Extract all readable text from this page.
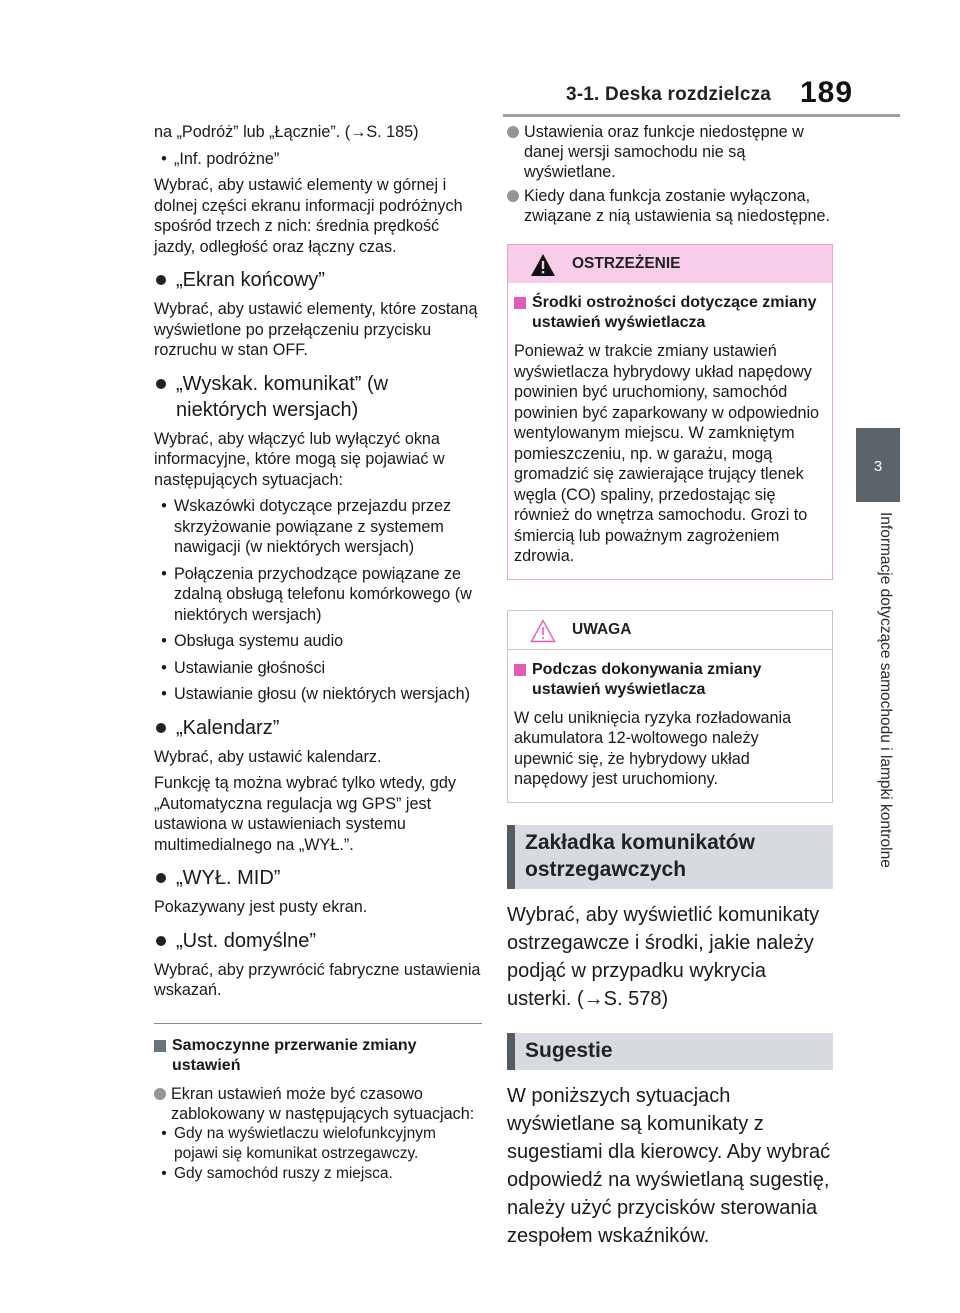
3-1. Deska rozdzielcza 189
3
Informacje dotyczące samochodu i lampki kontrolne

na „Podróż” lub „Łącznie”. (→S. 185)

• „Inf. podróżne”

Wybrać, aby ustawić elementy w górnej i dolnej części ekranu informacji podróżnych spośród trzech z nich: średnia prędkość jazdy, odległość oraz łączny czas.

„Ekran końcowy”

Wybrać, aby ustawić elementy, które zostaną wyświetlone po przełączeniu przycisku rozruchu w stan OFF.

„Wyskak. komunikat” (w niektórych wersjach)

Wybrać, aby włączyć lub wyłączyć okna informacyjne, które mogą się pojawiać w następujących sytuacjach:

• Wskazówki dotyczące przejazdu przez skrzyżowanie powiązane z systemem nawigacji (w niektórych wersjach)

• Połączenia przychodzące powiązane ze zdalną obsługą telefonu komórkowego (w niektórych wersjach)

• Obsługa systemu audio

• Ustawianie głośności

• Ustawianie głosu (w niektórych wersjach)

„Kalendarz”

Wybrać, aby ustawić kalendarz.

Funkcję tą można wybrać tylko wtedy, gdy „Automatyczna regulacja wg GPS” jest ustawiona w ustawieniach systemu multimedialnego na „WYŁ.”.

„WYŁ. MID”

Pokazywany jest pusty ekran.

„Ust. domyślne”

Wybrać, aby przywrócić fabryczne ustawienia wskazań.

Samoczynne przerwanie zmiany ustawień
Ekran ustawień może być czasowo zablokowany w następujących sytuacjach:

• Gdy na wyświetlaczu wielofunkcyjnym pojawi się komunikat ostrzegawczy.

• Gdy samochód ruszy z miejsca.

Ustawienia oraz funkcje niedostępne w danej wersji samochodu nie są wyświetlane.
Kiedy dana funkcja zostanie wyłączona, związane z nią ustawienia są niedostępne.
OSTRZEŻENIE
Środki ostrożności dotyczące zmiany ustawień wyświetlacza

Ponieważ w trakcie zmiany ustawień wyświetlacza hybrydowy układ napędowy powinien być uruchomiony, samochód powinien być zaparkowany w odpowiednio wentylowanym miejscu. W zamkniętym pomieszczeniu, np. w garażu, mogą gromadzić się zawierające trujący tlenek węgla (CO) spaliny, przedostając się również do wnętrza samochodu. Grozi to śmiercią lub poważnym zagrożeniem zdrowia.

UWAGA
Podczas dokonywania zmiany ustawień wyświetlacza

W celu uniknięcia ryzyka rozładowania akumulatora 12-woltowego należy upewnić się, że hybrydowy układ napędowy jest uruchomiony.

Zakładka komunikatów ostrzegawczych

Wybrać, aby wyświetlić komunikaty ostrzegawcze i środki, jakie należy podjąć w przypadku wykrycia usterki. (→S. 578)

Sugestie

W poniższych sytuacjach wyświetlane są komunikaty z sugestiami dla kierowcy. Aby wybrać odpowiedź na wyświetlaną sugestię, należy użyć przycisków sterowania zespołem wskaźników.
